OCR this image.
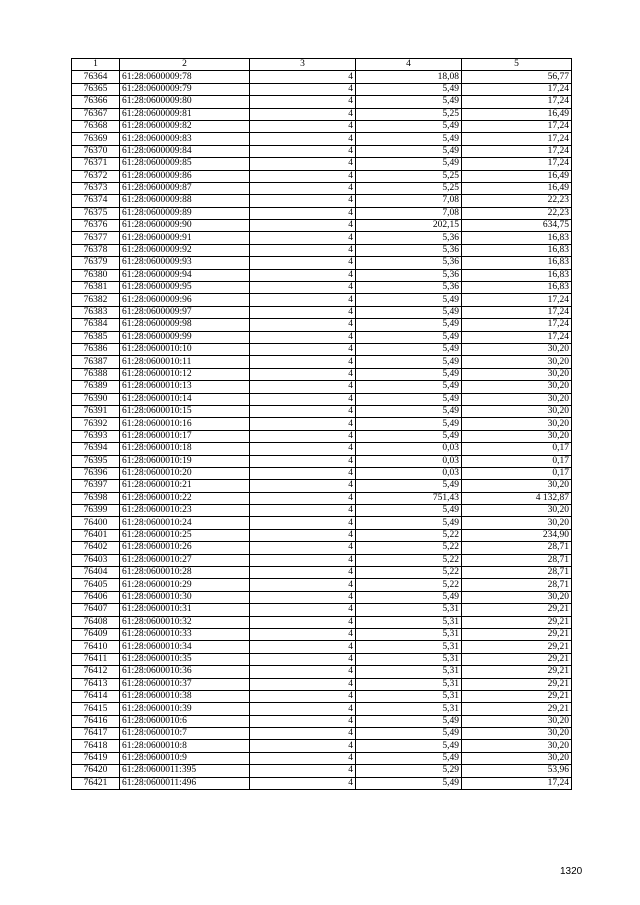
1	2	3	4	5
76364	61:28:0600009:78	4	18,08	56,77
76365	61:28:0600009:79	4	5,49	17,24
76366	61:28:0600009:80	4	5,49	17,24
76367	61:28:0600009:81	4	5,25	16,49
76368	61:28:0600009:82	4	5,49	17,24
76369	61:28:0600009:83	4	5,49	17,24
76370	61:28:0600009:84	4	5,49	17,24
76371	61:28:0600009:85	4	5,49	17,24
76372	61:28:0600009:86	4	5,25	16,49
76373	61:28:0600009:87	4	5,25	16,49
76374	61:28:0600009:88	4	7,08	22,23
76375	61:28:0600009:89	4	7,08	22,23
76376	61:28:0600009:90	4	202,15	634,75
76377	61:28:0600009:91	4	5,36	16,83
76378	61:28:0600009:92	4	5,36	16,83
76379	61:28:0600009:93	4	5,36	16,83
76380	61:28:0600009:94	4	5,36	16,83
76381	61:28:0600009:95	4	5,36	16,83
76382	61:28:0600009:96	4	5,49	17,24
76383	61:28:0600009:97	4	5,49	17,24
76384	61:28:0600009:98	4	5,49	17,24
76385	61:28:0600009:99	4	5,49	17,24
76386	61:28:0600010:10	4	5,49	30,20
76387	61:28:0600010:11	4	5,49	30,20
76388	61:28:0600010:12	4	5,49	30,20
76389	61:28:0600010:13	4	5,49	30,20
76390	61:28:0600010:14	4	5,49	30,20
76391	61:28:0600010:15	4	5,49	30,20
76392	61:28:0600010:16	4	5,49	30,20
76393	61:28:0600010:17	4	5,49	30,20
76394	61:28:0600010:18	4	0,03	0,17
76395	61:28:0600010:19	4	0,03	0,17
76396	61:28:0600010:20	4	0,03	0,17
76397	61:28:0600010:21	4	5,49	30,20
76398	61:28:0600010:22	4	751,43	4 132,87
76399	61:28:0600010:23	4	5,49	30,20
76400	61:28:0600010:24	4	5,49	30,20
76401	61:28:0600010:25	4	5,22	234,90
76402	61:28:0600010:26	4	5,22	28,71
76403	61:28:0600010:27	4	5,22	28,71
76404	61:28:0600010:28	4	5,22	28,71
76405	61:28:0600010:29	4	5,22	28,71
76406	61:28:0600010:30	4	5,49	30,20
76407	61:28:0600010:31	4	5,31	29,21
76408	61:28:0600010:32	4	5,31	29,21
76409	61:28:0600010:33	4	5,31	29,21
76410	61:28:0600010:34	4	5,31	29,21
76411	61:28:0600010:35	4	5,31	29,21
76412	61:28:0600010:36	4	5,31	29,21
76413	61:28:0600010:37	4	5,31	29,21
76414	61:28:0600010:38	4	5,31	29,21
76415	61:28:0600010:39	4	5,31	29,21
76416	61:28:0600010:6	4	5,49	30,20
76417	61:28:0600010:7	4	5,49	30,20
76418	61:28:0600010:8	4	5,49	30,20
76419	61:28:0600010:9	4	5,49	30,20
76420	61:28:0600011:395	4	5,29	53,96
76421	61:28:0600011:496	4	5,49	17,24
1320
